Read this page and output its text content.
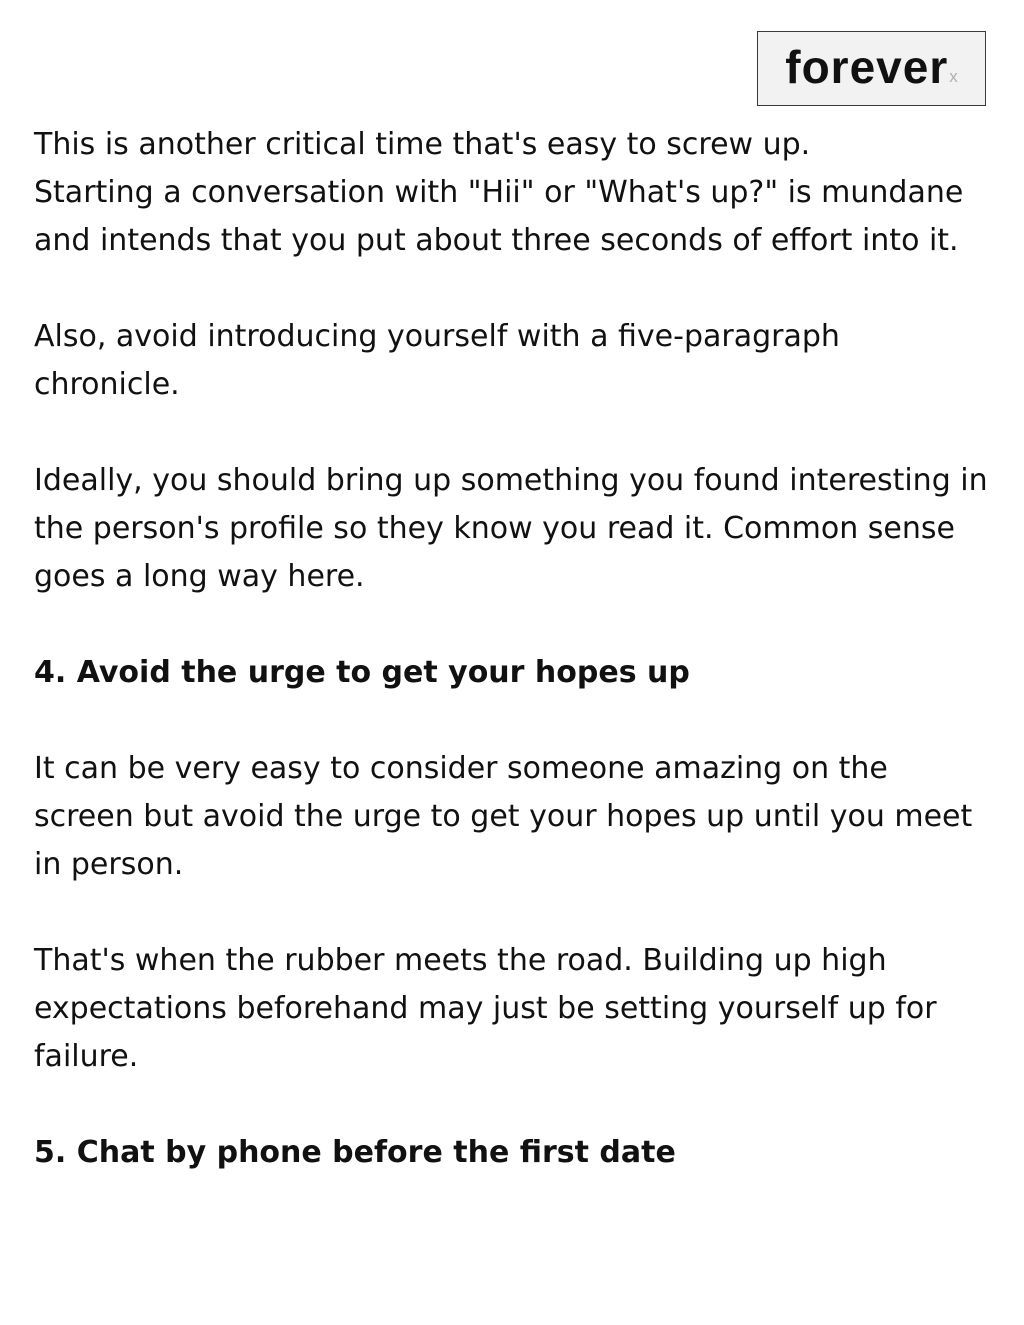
forever x

This is another critical time that's easy to screw up.

Starting a conversation with "Hii" or "What's up?" is mundane and intends that you put about three seconds of effort into it.

Also, avoid introducing yourself with a five-paragraph chronicle.

Ideally, you should bring up something you found interesting in the person's profile so they know you read it. Common sense goes a long way here.

4. Avoid the urge to get your hopes up

It can be very easy to consider someone amazing on the screen but avoid the urge to get your hopes up until you meet in person.

That's when the rubber meets the road. Building up high expectations beforehand may just be setting yourself up for failure.

5. Chat by phone before the first date
